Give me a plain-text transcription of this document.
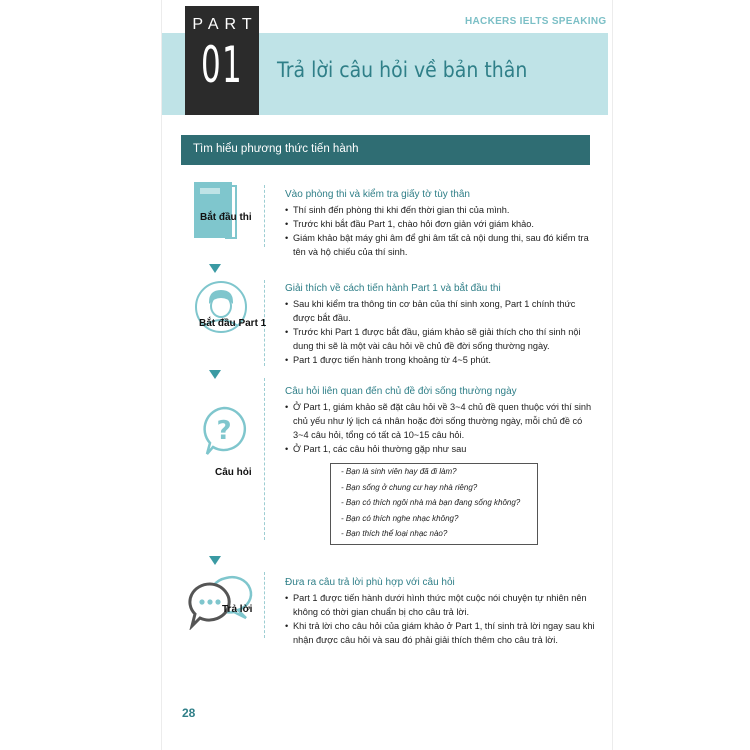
HACKERS IELTS SPEAKING
PART
01 Trả lời câu hỏi về bản thân
Tìm hiểu phương thức tiến hành
Bắt đầu thi
Bắt đầu Part 1
?
Câu hỏi
Trả lời
Vào phòng thi và kiểm tra giấy tờ tùy thân
• Thí sinh đến phòng thi khi đến thời gian thi của mình.
• Trước khi bắt đầu Part 1, chào hỏi đơn giản với giám khảo.
• Giám khảo bật máy ghi âm để ghi âm tất cả nội dung thi, sau đó kiểm tra tên và hộ chiếu của thí sinh.
Giải thích về cách tiến hành Part 1 và bắt đầu thi
• Sau khi kiểm tra thông tin cơ bản của thí sinh xong, Part 1 chính thức được bắt đầu.
• Trước khi Part 1 được bắt đầu, giám khảo sẽ giải thích cho thí sinh nội dung thi sẽ là một vài câu hỏi về chủ đề đời sống thường ngày.
• Part 1 được tiến hành trong khoảng từ 4~5 phút.
Câu hỏi liên quan đến chủ đề đời sống thường ngày
• Ở Part 1, giám khảo sẽ đặt câu hỏi về 3~4 chủ đề quen thuộc với thí sinh chủ yếu như lý lịch cá nhân hoặc đời sống thường ngày, mỗi chủ đề có 3~4 câu hỏi, tổng có tất cả 10~15 câu hỏi.
• Ở Part 1, các câu hỏi thường gặp như sau
- Bạn là sinh viên hay đã đi làm?
- Bạn sống ở chung cư hay nhà riêng?
- Bạn có thích ngôi nhà mà bạn đang sống không?
- Bạn có thích nghe nhạc không?
- Bạn thích thể loại nhạc nào?
Đưa ra câu trả lời phù hợp với câu hỏi
• Part 1 được tiến hành dưới hình thức một cuộc nói chuyện tự nhiên nên không có thời gian chuẩn bị cho câu trả lời.
• Khi trả lời cho câu hỏi của giám khảo ở Part 1, thí sinh trả lời ngay sau khi nhận được câu hỏi và sau đó phải giải thích thêm cho câu trả lời.
28
